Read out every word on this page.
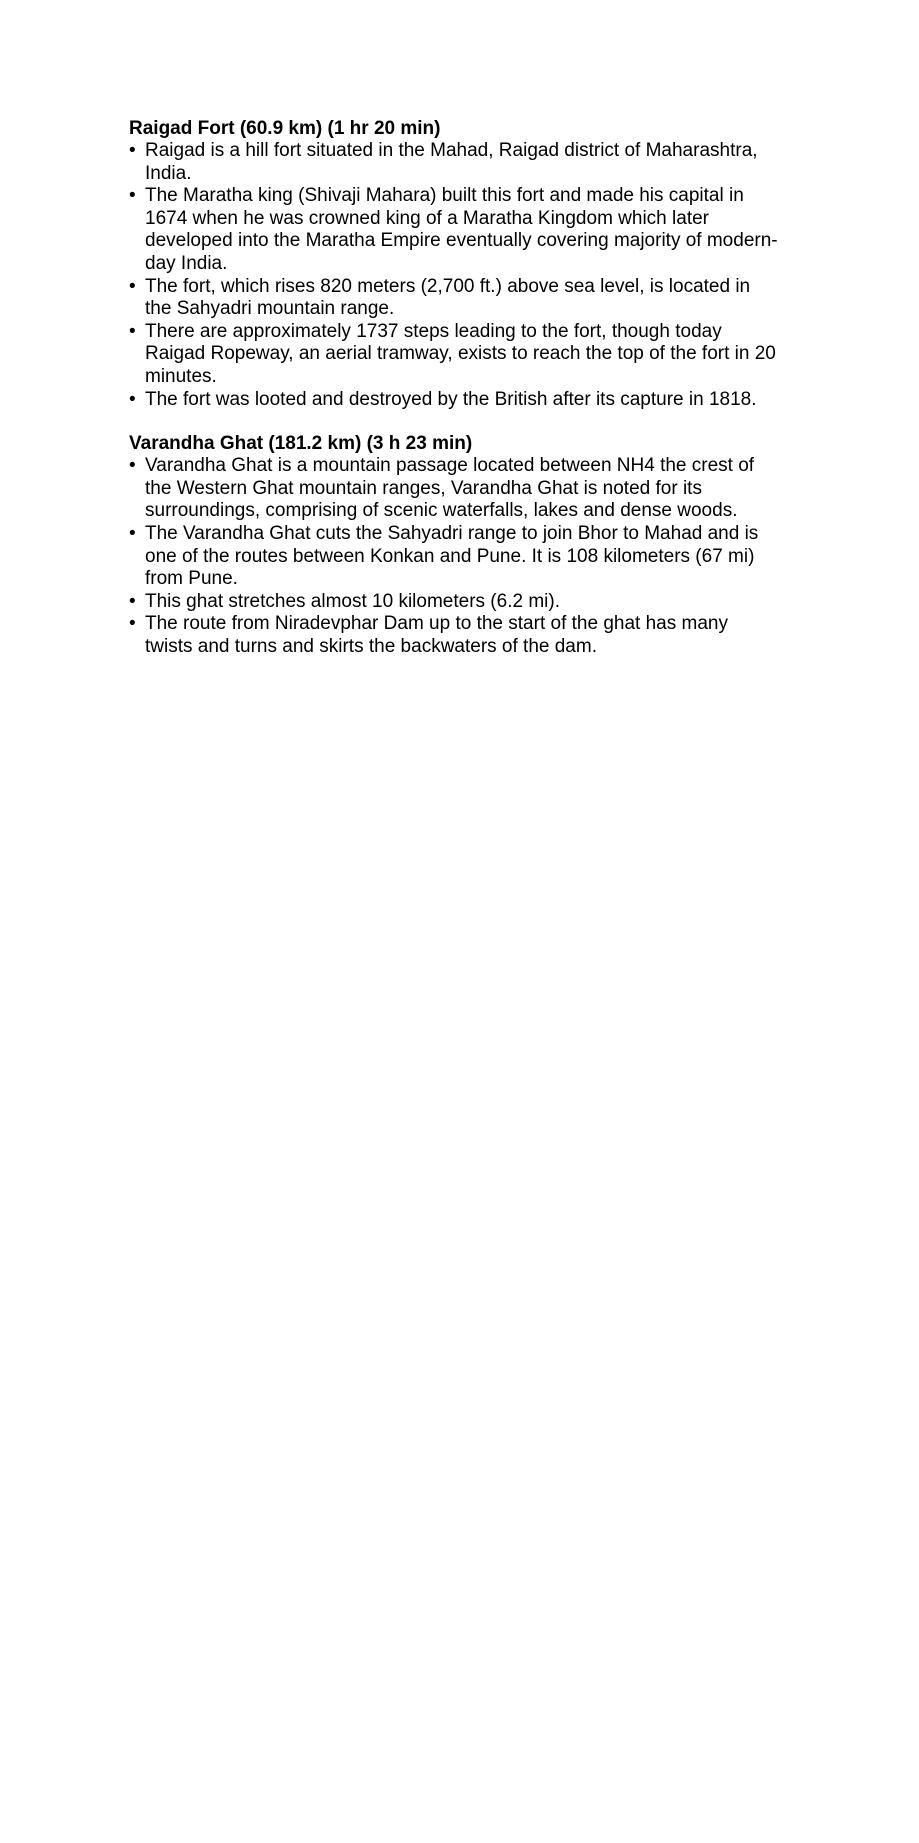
Raigad Fort (60.9 km) (1 hr 20 min)
• Raigad is a hill fort situated in the Mahad, Raigad district of Maharashtra, India.
• The Maratha king (Shivaji Mahara) built this fort and made his capital in 1674 when he was crowned king of a Maratha Kingdom which later developed into the Maratha Empire eventually covering majority of modern-day India.
• The fort, which rises 820 meters (2,700 ft.) above sea level, is located in the Sahyadri mountain range.
• There are approximately 1737 steps leading to the fort, though today Raigad Ropeway, an aerial tramway, exists to reach the top of the fort in 20 minutes.
• The fort was looted and destroyed by the British after its capture in 1818.
Varandha Ghat (181.2 km) (3 h 23 min)
• Varandha Ghat is a mountain passage located between NH4 the crest of the Western Ghat mountain ranges, Varandha Ghat is noted for its surroundings, comprising of scenic waterfalls, lakes and dense woods.
• The Varandha Ghat cuts the Sahyadri range to join Bhor to Mahad and is one of the routes between Konkan and Pune. It is 108 kilometers (67 mi) from Pune.
• This ghat stretches almost 10 kilometers (6.2 mi).
• The route from Niradevphar Dam up to the start of the ghat has many twists and turns and skirts the backwaters of the dam.
